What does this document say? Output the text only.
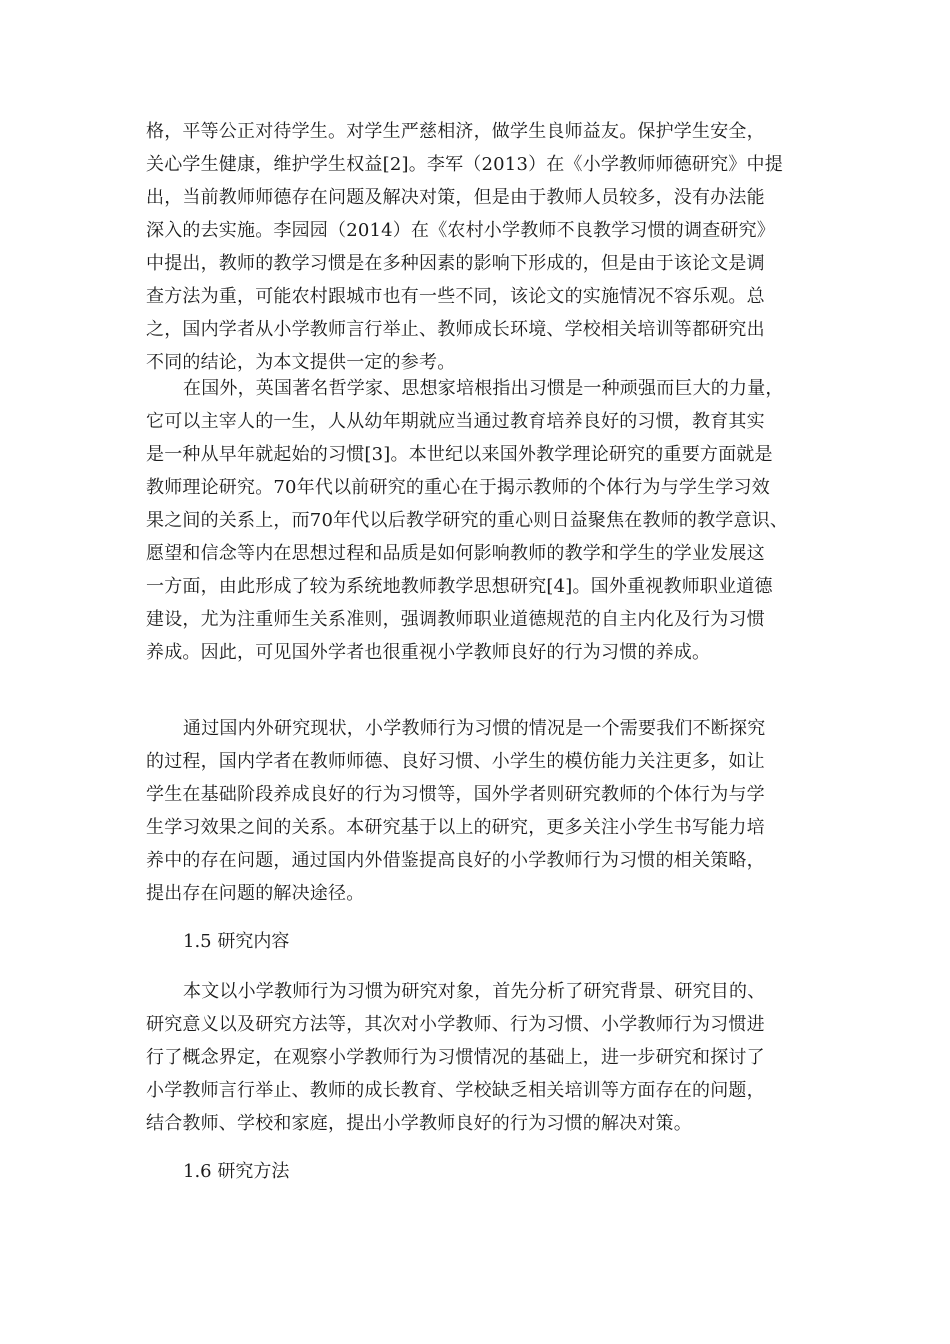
格，平等公正对待学生。对学生严慈相济，做学生良师益友。保护学生安全，
关心学生健康，维护学生权益[2]。李军（2013）在《小学教师师德研究》中提
出，当前教师师德存在问题及解决对策，但是由于教师人员较多，没有办法能
深入的去实施。李园园（2014）在《农村小学教师不良教学习惯的调查研究》
中提出，教师的教学习惯是在多种因素的影响下形成的，但是由于该论文是调
查方法为重，可能农村跟城市也有一些不同，该论文的实施情况不容乐观。总
之，国内学者从小学教师言行举止、教师成长环境、学校相关培训等都研究出
不同的结论，为本文提供一定的参考。
在国外，英国著名哲学家、思想家培根指出习惯是一种顽强而巨大的力量，
它可以主宰人的一生，人从幼年期就应当通过教育培养良好的习惯，教育其实
是一种从早年就起始的习惯[3]。本世纪以来国外教学理论研究的重要方面就是
教师理论研究。70年代以前研究的重心在于揭示教师的个体行为与学生学习效
果之间的关系上，而70年代以后教学研究的重心则日益聚焦在教师的教学意识、
愿望和信念等内在思想过程和品质是如何影响教师的教学和学生的学业发展这
一方面，由此形成了较为系统地教师教学思想研究[4]。国外重视教师职业道德
建设，尤为注重师生关系准则，强调教师职业道德规范的自主内化及行为习惯
养成。因此，可见国外学者也很重视小学教师良好的行为习惯的养成。
通过国内外研究现状，小学教师行为习惯的情况是一个需要我们不断探究
的过程，国内学者在教师师德、良好习惯、小学生的模仿能力关注更多，如让
学生在基础阶段养成良好的行为习惯等，国外学者则研究教师的个体行为与学
生学习效果之间的关系。本研究基于以上的研究，更多关注小学生书写能力培
养中的存在问题，通过国内外借鉴提高良好的小学教师行为习惯的相关策略，
提出存在问题的解决途径。
1.5 研究内容
本文以小学教师行为习惯为研究对象，首先分析了研究背景、研究目的、
研究意义以及研究方法等，其次对小学教师、行为习惯、小学教师行为习惯进
行了概念界定，在观察小学教师行为习惯情况的基础上，进一步研究和探讨了
小学教师言行举止、教师的成长教育、学校缺乏相关培训等方面存在的问题，
结合教师、学校和家庭，提出小学教师良好的行为习惯的解决对策。
1.6 研究方法
